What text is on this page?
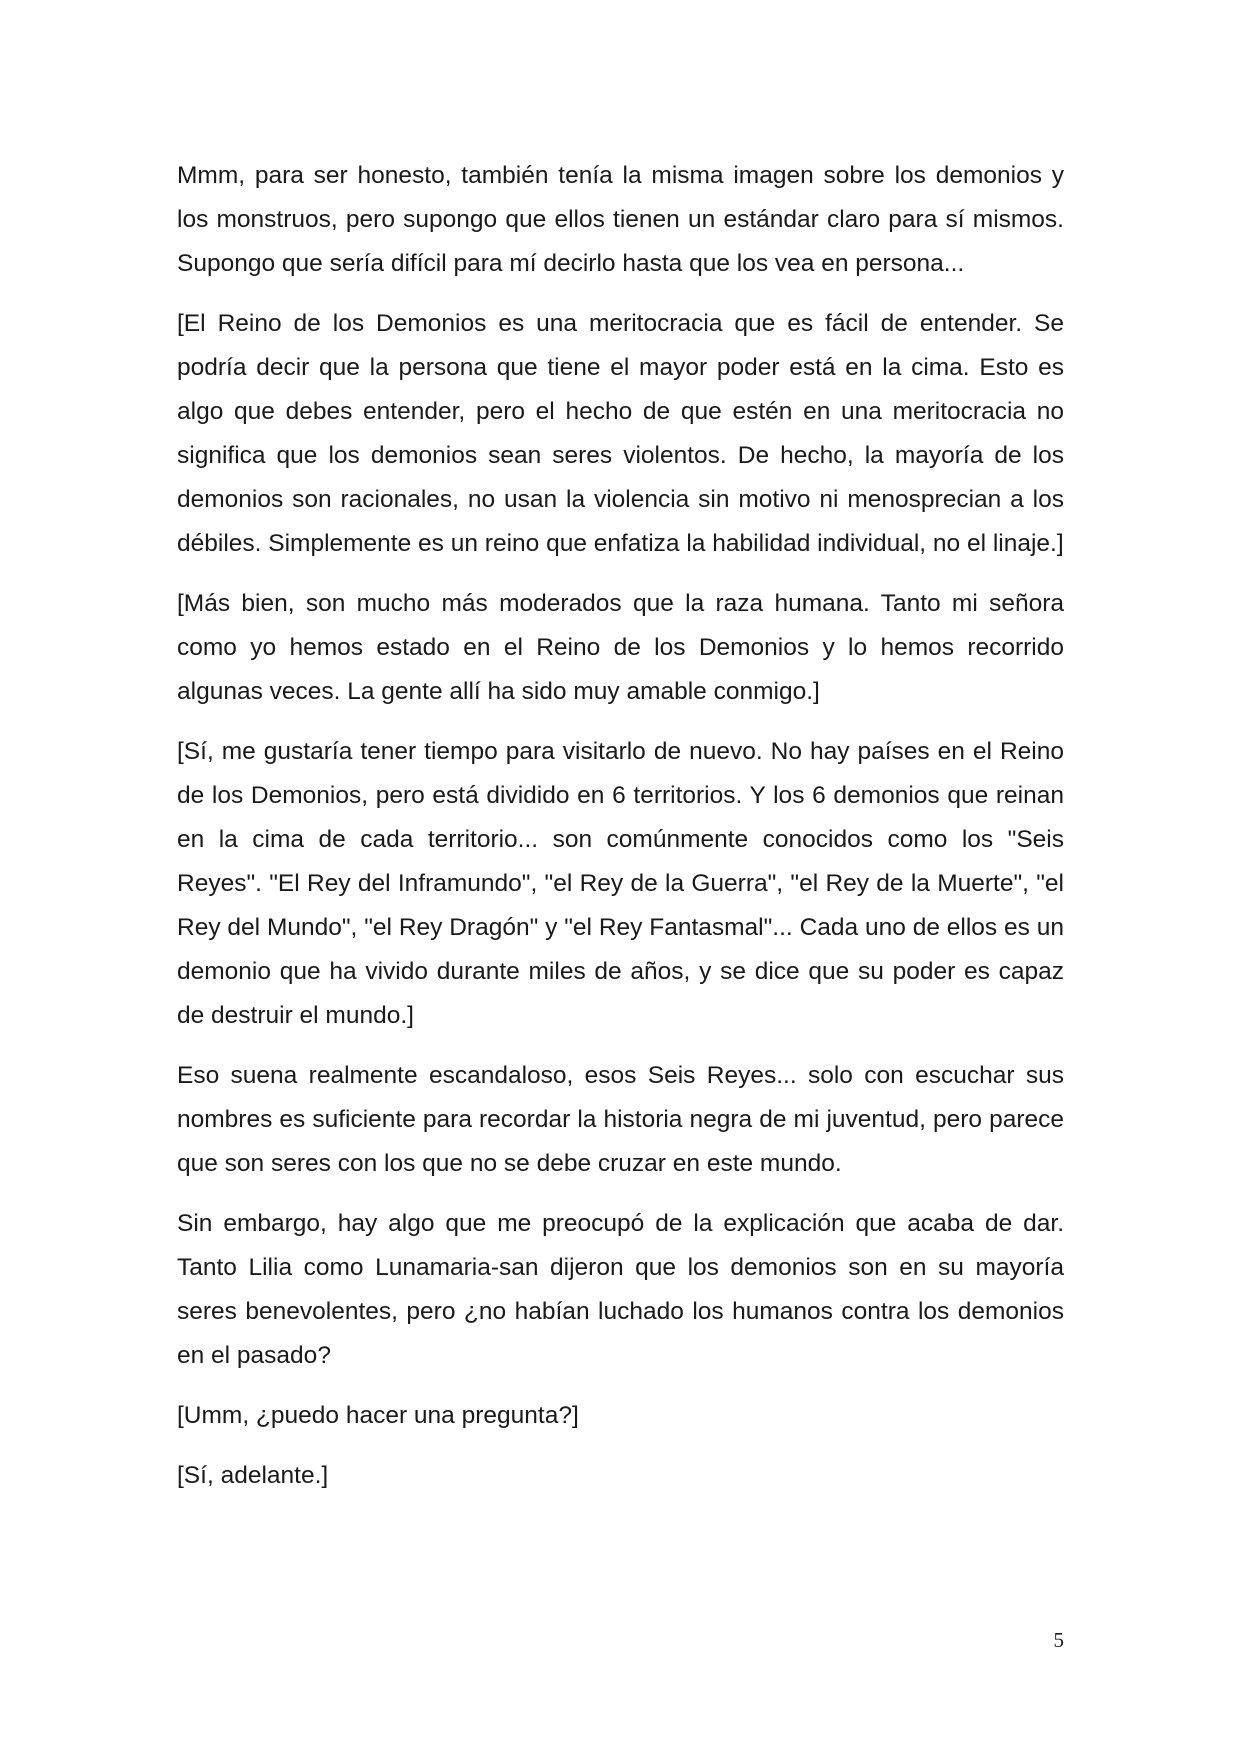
Mmm, para ser honesto, también tenía la misma imagen sobre los demonios y los monstruos, pero supongo que ellos tienen un estándar claro para sí mismos. Supongo que sería difícil para mí decirlo hasta que los vea en persona...

[El Reino de los Demonios es una meritocracia que es fácil de entender. Se podría decir que la persona que tiene el mayor poder está en la cima. Esto es algo que debes entender, pero el hecho de que estén en una meritocracia no significa que los demonios sean seres violentos. De hecho, la mayoría de los demonios son racionales, no usan la violencia sin motivo ni menosprecian a los débiles. Simplemente es un reino que enfatiza la habilidad individual, no el linaje.]

[Más bien, son mucho más moderados que la raza humana. Tanto mi señora como yo hemos estado en el Reino de los Demonios y lo hemos recorrido algunas veces. La gente allí ha sido muy amable conmigo.]

[Sí, me gustaría tener tiempo para visitarlo de nuevo. No hay países en el Reino de los Demonios, pero está dividido en 6 territorios. Y los 6 demonios que reinan en la cima de cada territorio... son comúnmente conocidos como los "Seis Reyes". "El Rey del Inframundo", "el Rey de la Guerra", "el Rey de la Muerte", "el Rey del Mundo", "el Rey Dragón" y "el Rey Fantasmal"... Cada uno de ellos es un demonio que ha vivido durante miles de años, y se dice que su poder es capaz de destruir el mundo.]

Eso suena realmente escandaloso, esos Seis Reyes... solo con escuchar sus nombres es suficiente para recordar la historia negra de mi juventud, pero parece que son seres con los que no se debe cruzar en este mundo.

Sin embargo, hay algo que me preocupó de la explicación que acaba de dar. Tanto Lilia como Lunamaria-san dijeron que los demonios son en su mayoría seres benevolentes, pero ¿no habían luchado los humanos contra los demonios en el pasado?

[Umm, ¿puedo hacer una pregunta?]

[Sí, adelante.]

5
